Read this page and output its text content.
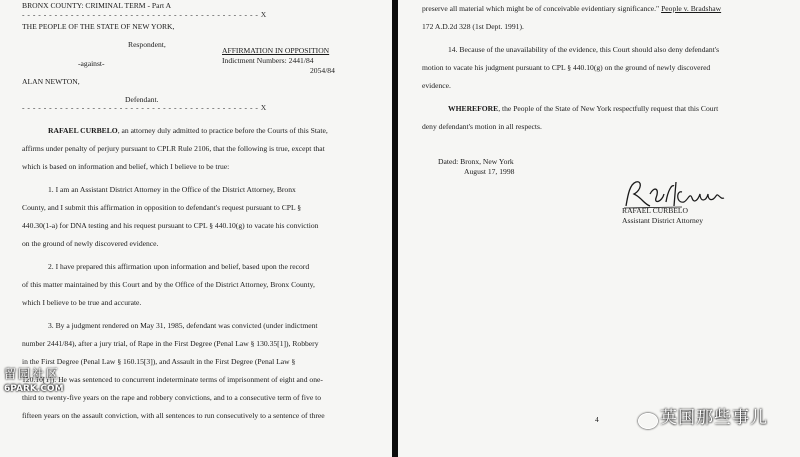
BRONX COUNTY: CRIMINAL TERM - Part A
- - - - - - - - - - - - - - - - - - - - - - - - - - - - - - - - - - - - - - - - - - - - X
THE PEOPLE OF THE STATE OF NEW YORK,
Respondent,
-against-
AFFIRMATION IN OPPOSITION
Indictment Numbers: 2441/84
2054/84
ALAN NEWTON,
Defendant.
- - - - - - - - - - - - - - - - - - - - - - - - - - - - - - - - - - - - - - - - - - - - X
RAFAEL CURBELO, an attorney duly admitted to practice before the Courts of this State,
affirms under penalty of perjury pursuant to CPLR Rule 2106, that the following is true, except that
which is based on information and belief, which I believe to be true:
1. I am an Assistant District Attorney in the Office of the District Attorney, Bronx
County, and I submit this affirmation in opposition to defendant's request pursuant to CPL §
440.30(1-a) for DNA testing and his request pursuant to CPL § 440.10(g) to vacate his conviction
on the ground of newly discovered evidence.
2. I have prepared this affirmation upon information and belief, based upon the record
of this matter maintained by this Court and by the Office of the District Attorney, Bronx County,
which I believe to be true and accurate.
3. By a judgment rendered on May 31, 1985, defendant was convicted (under indictment
number 2441/84), after a jury trial, of Rape in the First Degree (Penal Law § 130.35[1]), Robbery
in the First Degree (Penal Law § 160.15[3]), and Assault in the First Degree (Penal Law §
120.10[1]). He was sentenced to concurrent indeterminate terms of imprisonment of eight and one-
third to twenty-five years on the rape and robbery convictions, and to a consecutive term of five to
fifteen years on the assault conviction, with all sentences to run consecutively to a sentence of three
留园社区
6PARK.COM
preserve all material which might be of conceivable evidentiary significance." People v. Bradshaw
172 A.D.2d 328 (1st Dept. 1991).
14. Because of the unavailability of the evidence, this Court should also deny defendant's
motion to vacate his judgment pursuant to CPL § 440.10(g) on the ground of newly discovered
evidence.
WHEREFORE, the People of the State of New York respectfully request that this Court
deny defendant's motion in all respects.
Dated: Bronx, New York
August 17, 1998
RAFAEL CURBELO
Assistant District Attorney
4	英国那些事儿
